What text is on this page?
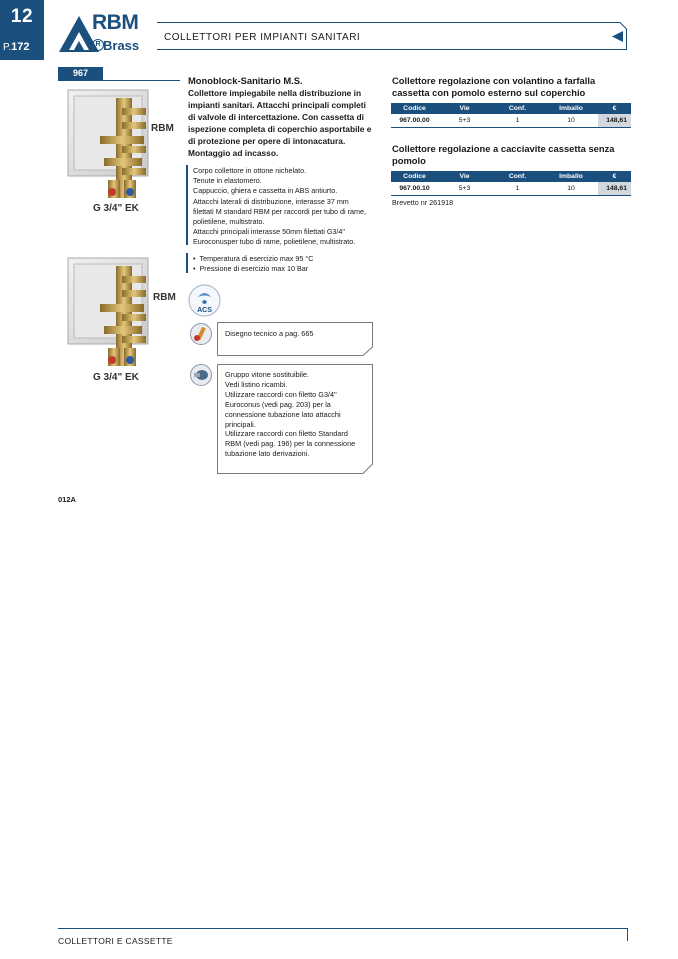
12
P.172
RBM
R Brass
COLLETTORI PER IMPIANTI SANITARI
967
RBM
G 3/4" EK
RBM
G 3/4" EK
Monoblock-Sanitario M.S.
Collettore impiegabile nella distribuzione in
impianti sanitari. Attacchi principali completi
di valvole di intercettazione. Con cassetta di
ispezione completa di coperchio asportabile e
di protezione per opere di intonacatura.
Montaggio ad incasso.
Corpo collettore in ottone nichelato.
Tenute in elastomero.
Cappuccio, ghiera e cassetta in ABS antiurto.
Attacchi laterali di distribuzione, interasse 37 mm
filettati M standard RBM per raccordi per tubo di rame,
polietilene, multistrato.
Attacchi principali interasse 50mm filettati G3/4"
Euroconusper tubo di rame, polietilene, multistrato.
•  Temperatura di esercizio max 95 °C
•  Pressione di esercizio max 10 Bar
ACS
Disegno tecnico a pag. 665
Gruppo vitone sostituibile.
Vedi listino ricambi.
Utilizzare raccordi con filetto G3/4"
Euroconus (vedi pag. 203) per la
connessione tubazione lato attacchi
principali.
Utilizzare raccordi con filetto Standard
RBM (vedi pag. 196) per la connessione
tubazione lato derivazioni.
Collettore regolazione con volantino a farfalla
cassetta con pomolo esterno sul coperchio
Codice	Vie	Conf.	Imballo	€
967.00.00	5+3	1	10	148,61
Collettore regolazione a cacciavite cassetta senza
pomolo
Codice	Vie	Conf.	Imballo	€
967.00.10	5+3	1	10	148,61
Brevetto nr 261918
012A
COLLETTORI E CASSETTE
